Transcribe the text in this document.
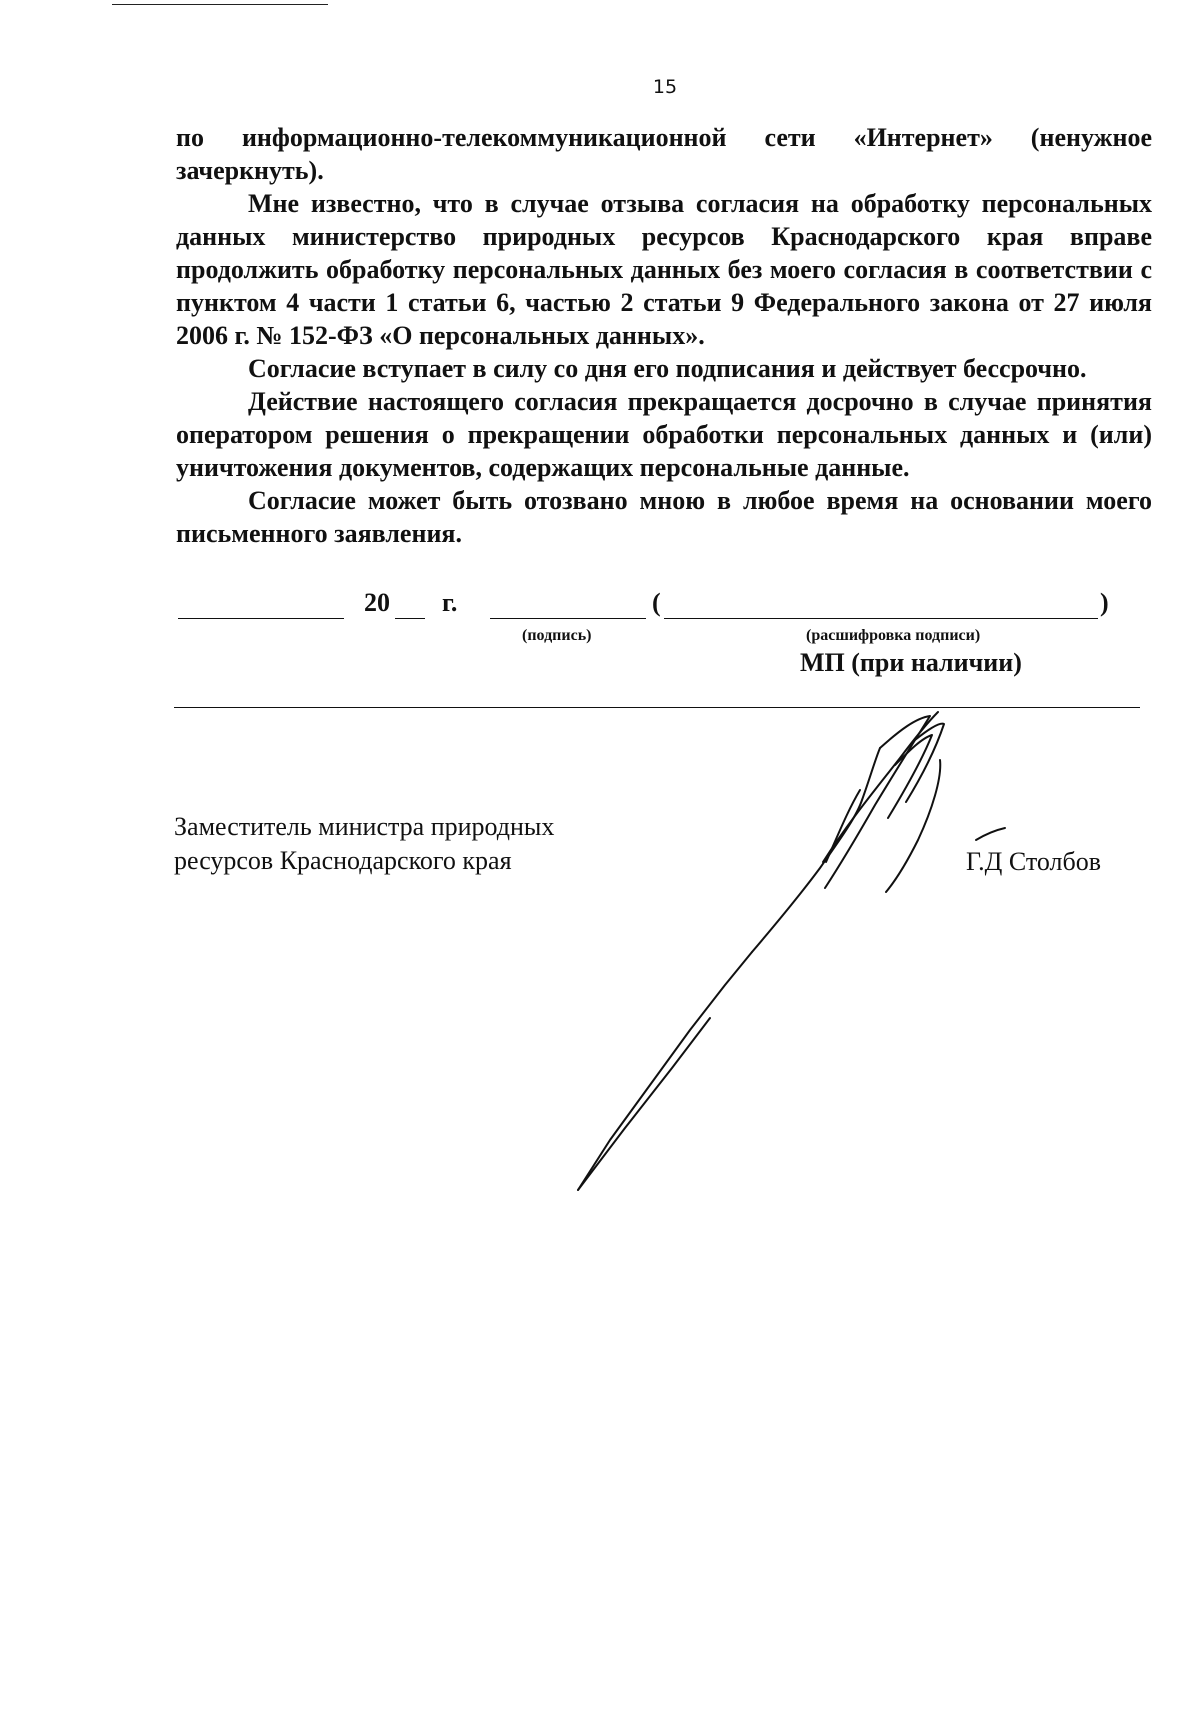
15

по информационно-телекоммуникационной сети «Интернет» (ненужное зачеркнуть).

Мне известно, что в случае отзыва согласия на обработку персональных данных министерство природных ресурсов Краснодарского края вправе продолжить обработку персональных данных без моего согласия в соответствии с пунктом 4 части 1 статьи 6, частью 2 статьи 9 Федерального закона от 27 июля 2006 г. № 152-ФЗ «О персональных данных».

Согласие вступает в силу со дня его подписания и действует бессрочно.

Действие настоящего согласия прекращается досрочно в случае принятия оператором решения о прекращении обработки персональных данных и (или) уничтожения документов, содержащих персональные данные.

Согласие может быть отозвано мною в любое время на основании моего письменного заявления.

20 г.	(	)
(подпись)	(расшифровка подписи)
МП (при наличии)
Заместитель министра природных
ресурсов Краснодарского края	Г.Д Столбов
